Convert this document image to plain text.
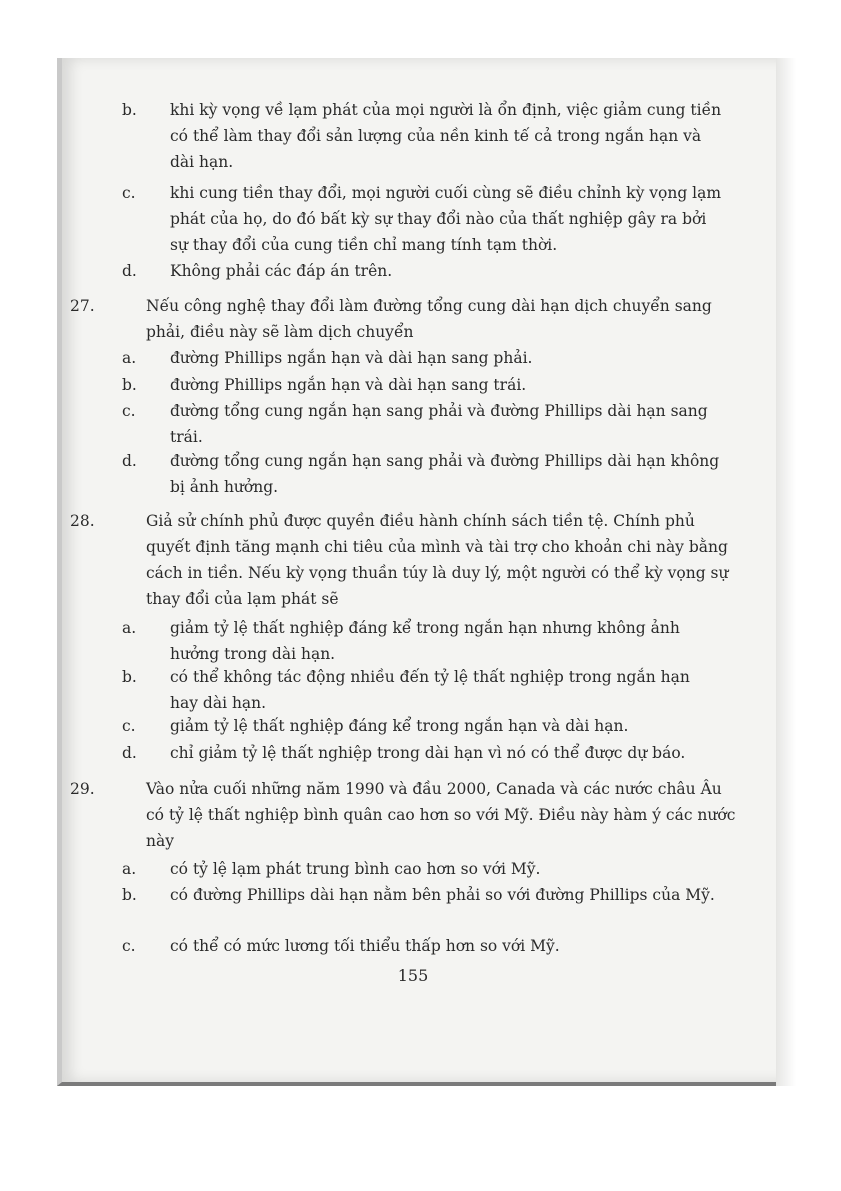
b. khi kỳ vọng về lạm phát của mọi người là ổn định, việc giảm cung tiền có thể làm thay đổi sản lượng của nền kinh tế cả trong ngắn hạn và dài hạn.
c. khi cung tiền thay đổi, mọi người cuối cùng sẽ điều chỉnh kỳ vọng lạm phát của họ, do đó bất kỳ sự thay đổi nào của thất nghiệp gây ra bởi sự thay đổi của cung tiền chỉ mang tính tạm thời.
d. Không phải các đáp án trên.
27.	Nếu công nghệ thay đổi làm đường tổng cung dài hạn dịch chuyển sang phải, điều này sẽ làm dịch chuyển
a. đường Phillips ngắn hạn và dài hạn sang phải.
b. đường Phillips ngắn hạn và dài hạn sang trái.
c. đường tổng cung ngắn hạn sang phải và đường Phillips dài hạn sang trái.
d. đường tổng cung ngắn hạn sang phải và đường Phillips dài hạn không bị ảnh hưởng.
28.	Giả sử chính phủ được quyền điều hành chính sách tiền tệ. Chính phủ quyết định tăng mạnh chi tiêu của mình và tài trợ cho khoản chi này bằng cách in tiền. Nếu kỳ vọng thuần túy là duy lý, một người có thể kỳ vọng sự thay đổi của lạm phát sẽ
a. giảm tỷ lệ thất nghiệp đáng kể trong ngắn hạn nhưng không ảnh hưởng trong dài hạn.
b. có thể không tác động nhiều đến tỷ lệ thất nghiệp trong ngắn hạn hay dài hạn.
c. giảm tỷ lệ thất nghiệp đáng kể trong ngắn hạn và dài hạn.
d. chỉ giảm tỷ lệ thất nghiệp trong dài hạn vì nó có thể được dự báo.
29.	Vào nửa cuối những năm 1990 và đầu 2000, Canada và các nước châu Âu có tỷ lệ thất nghiệp bình quân cao hơn so với Mỹ. Điều này hàm ý các nước này
a. có tỷ lệ lạm phát trung bình cao hơn so với Mỹ.
b. có đường Phillips dài hạn nằm bên phải so với đường Phillips của Mỹ.
c. có thể có mức lương tối thiểu thấp hơn so với Mỹ.
155
